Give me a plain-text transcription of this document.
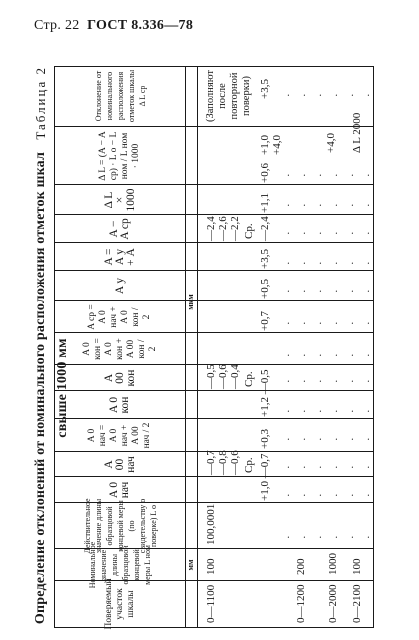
Стр. 22 ГОСТ 8.336—78
Определение отклонений от номинального расположения отметок шкал свыше 1000 мм
Таблица 2
Поверяемый участок шкалы
Номинальное значение длины образцовой концевой меры L ном
Действительное значение длины образцовой концевой меры (по свидетельству о поверке) L о
A 0 нач
A 00 нач
A 0 нач = A 0 нач + A 00 нач / 2
A 0 кон
A 00 кон
A 0 кон = A 0 кон + A 00 кон / 2
A ср = A 0 нач + A 0 кон / 2
A у
A = A у + A
A − A ср
Δ L × 1000
Δ L = (A − A ср) · L о − L ном / L ном · 1000
Отклонение от номинального расположения отметок шкалы Δ L ср
мм
мкм
0—1100
100
100,0001
—0,7 —0,8 —0,6 Ср. +1,0 —0,7
+0,3
—0,5 —0,6 —0,4 Ср. +1,2 —0,5
+0,7
+0,5
+3,5
—2,4 —2,6 —2,2 Ср. —2,4
+1,1
+0,6
+1,0
+3,5
(Заполняют после повторной поверки)
0—1200
200
+4,0
0—2000
1000
+4,0
0—2100
100
Δ L 2000
·
·
·
·
·
·
·
·
·
·
·
·
·
·
·
·
·
·
·
·
·
·
·
·
·
·
·
·
·
·
·
·
·
·
·
·
·
·
·
·
·
·
·
·
·
·
·
·
·
·
·
·
·
·
·
·
·
·
·
·
·
·
·
·
·
·
·
·
·
·
·
·
·
·
·
·
·
·
·
·
·
·
·
·
